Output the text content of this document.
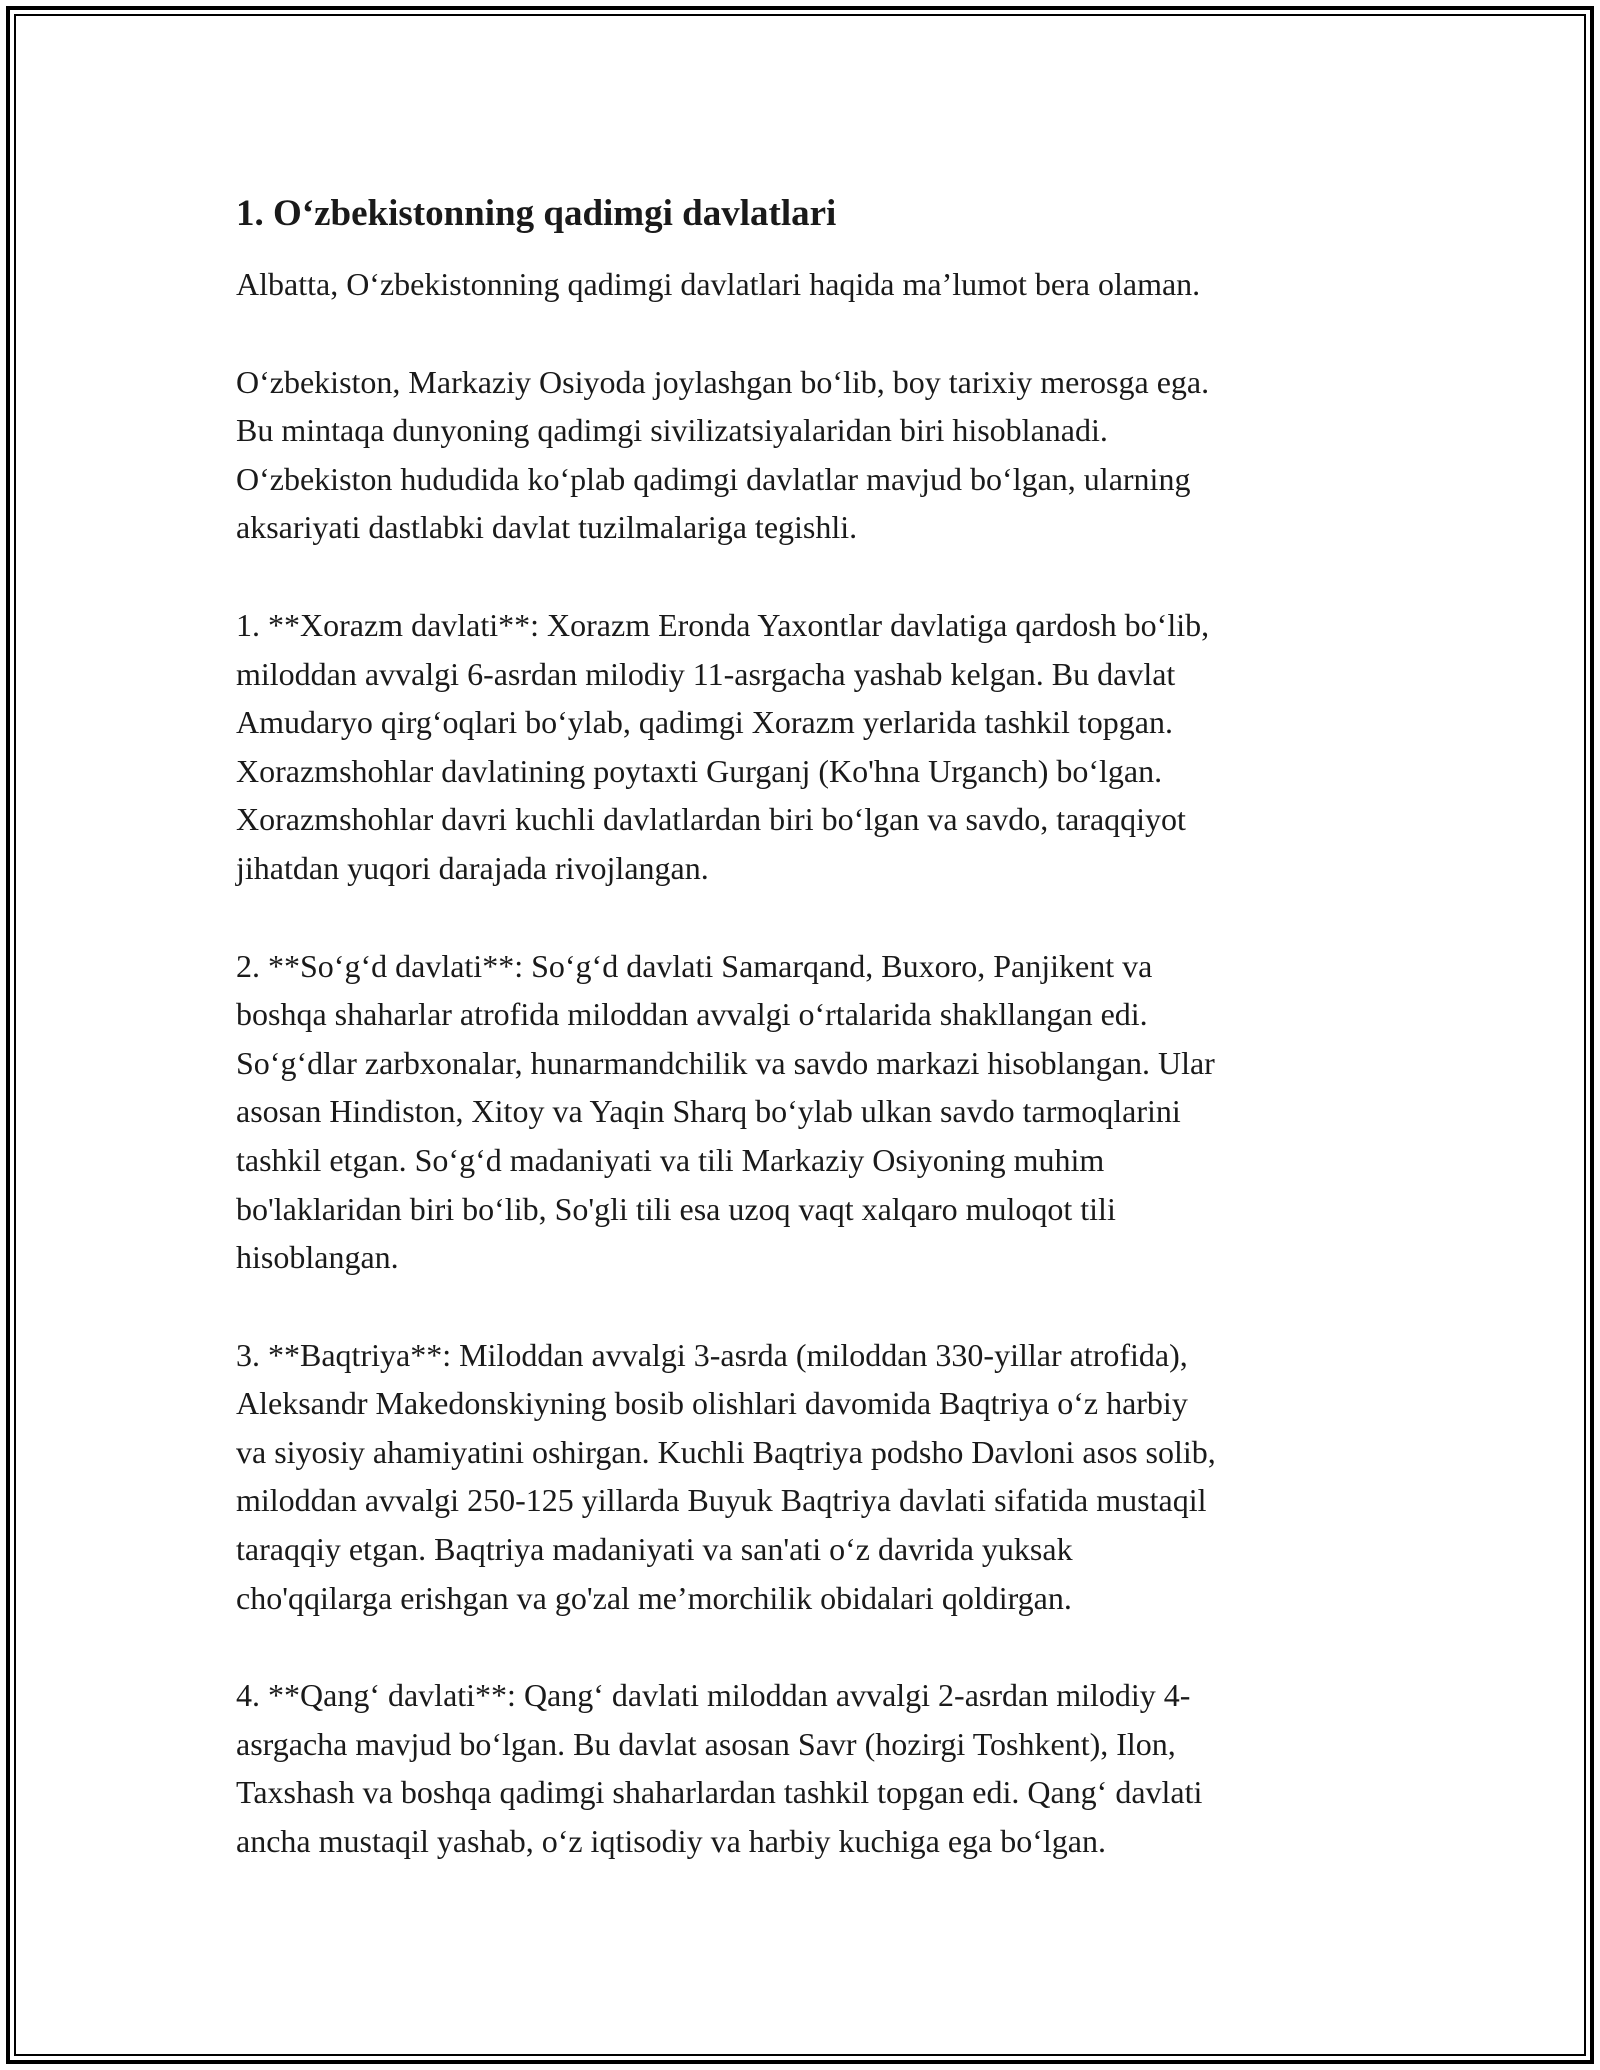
1. O‘zbekistonning qadimgi davlatlari

Albatta, O‘zbekistonning qadimgi davlatlari haqida ma’lumot bera olaman.

O‘zbekiston, Markaziy Osiyoda joylashgan bo‘lib, boy tarixiy merosga ega.
Bu mintaqa dunyoning qadimgi sivilizatsiyalaridan biri hisoblanadi.
O‘zbekiston hududida ko‘plab qadimgi davlatlar mavjud bo‘lgan, ularning
aksariyati dastlabki davlat tuzilmalariga tegishli.

1. **Xorazm davlati**: Xorazm Eronda Yaxontlar davlatiga qardosh bo‘lib,
miloddan avvalgi 6-asrdan milodiy 11-asrgacha yashab kelgan. Bu davlat
Amudaryo qirg‘oqlari bo‘ylab, qadimgi Xorazm yerlarida tashkil topgan.
Xorazmshohlar davlatining poytaxti Gurganj (Ko'hna Urganch) bo‘lgan.
Xorazmshohlar davri kuchli davlatlardan biri bo‘lgan va savdo, taraqqiyot
jihatdan yuqori darajada rivojlangan.

2. **So‘g‘d davlati**: So‘g‘d davlati Samarqand, Buxoro, Panjikent va
boshqa shaharlar atrofida miloddan avvalgi o‘rtalarida shakllangan edi.
So‘g‘dlar zarbxonalar, hunarmandchilik va savdo markazi hisoblangan. Ular
asosan Hindiston, Xitoy va Yaqin Sharq bo‘ylab ulkan savdo tarmoqlarini
tashkil etgan. So‘g‘d madaniyati va tili Markaziy Osiyoning muhim
bo'laklaridan biri bo‘lib, So'gli tili esa uzoq vaqt xalqaro muloqot tili
hisoblangan.

3. **Baqtriya**: Miloddan avvalgi 3-asrda (miloddan 330-yillar atrofida),
Aleksandr Makedonskiyning bosib olishlari davomida Baqtriya o‘z harbiy
va siyosiy ahamiyatini oshirgan. Kuchli Baqtriya podsho Davloni asos solib,
miloddan avvalgi 250-125 yillarda Buyuk Baqtriya davlati sifatida mustaqil
taraqqiy etgan. Baqtriya madaniyati va san'ati o‘z davrida yuksak
cho'qqilarga erishgan va go'zal me’morchilik obidalari qoldirgan.

4. **Qang‘ davlati**: Qang‘ davlati miloddan avvalgi 2-asrdan milodiy 4-
asrgacha mavjud bo‘lgan. Bu davlat asosan Savr (hozirgi Toshkent), Ilon,
Taxshash va boshqa qadimgi shaharlardan tashkil topgan edi. Qang‘ davlati
ancha mustaqil yashab, o‘z iqtisodiy va harbiy kuchiga ega bo‘lgan.
